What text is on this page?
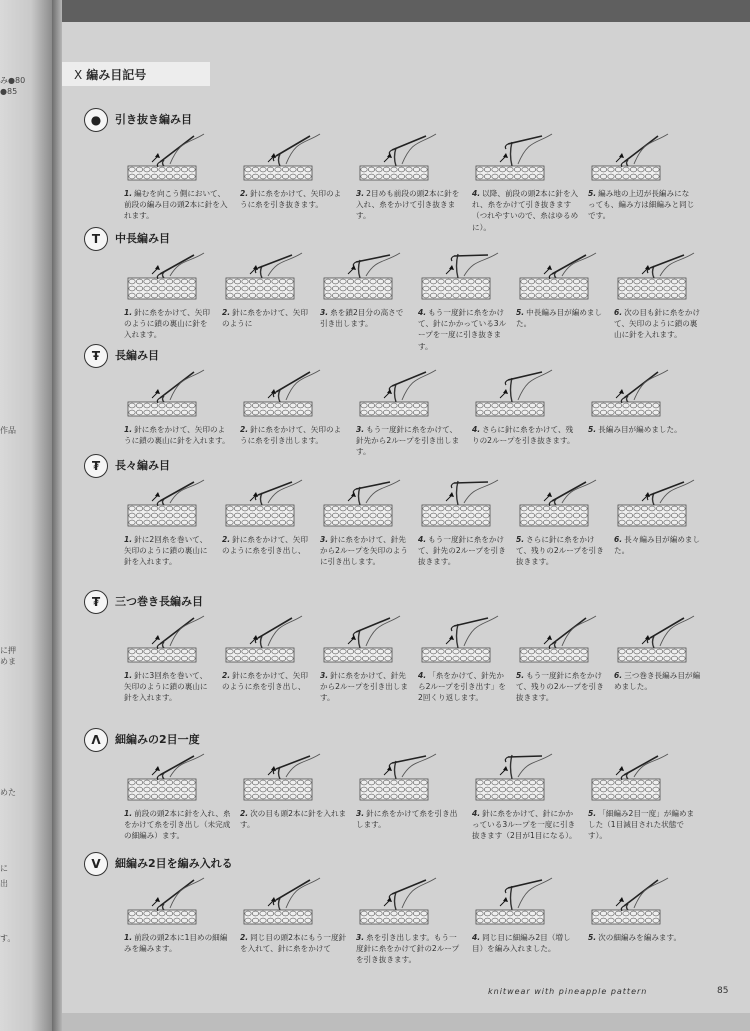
み●80
●85
作品
に押
めま
めた
に
出
す。
X 編み目記号
●	引き抜き編み目
1. 編むを向こう側において、前段の編み目の頭2本に針を入れます。
2. 針に糸をかけて、矢印のように糸を引き抜きます。
3. 2目めも前段の頭2本に針を入れ、糸をかけて引き抜きます。
4. 以降、前段の頭2本に針を入れ、糸をかけて引き抜きます（つれやすいので、糸はゆるめに）。
5. 編み地の上辺が長編みになっても、編み方は細編みと同じです。
T	中長編み目
1. 針に糸をかけて、矢印のように鎖の裏山に針を入れます。
2. 針に糸をかけて、矢印のように
3. 糸を鎖2目分の高さで引き出します。
4. もう一度針に糸をかけて、針にかかっている3ループを一度に引き抜きます。
5. 中長編み目が編めました。
6. 次の目も針に糸をかけて、矢印のように鎖の裏山に針を入れます。
Ŧ	長編み目
1. 針に糸をかけて、矢印のように鎖の裏山に針を入れます。
2. 針に糸をかけて、矢印のように糸を引き出します。
3. もう一度針に糸をかけて、針先から2ループを引き出します。
4. さらに針に糸をかけて、残りの2ループを引き抜きます。
5. 長編み目が編めました。
₮	長々編み目
1. 針に2回糸を巻いて、矢印のように鎖の裏山に針を入れます。
2. 針に糸をかけて、矢印のように糸を引き出し、
3. 針に糸をかけて、針先から2ループを矢印のように引き出します。
4. もう一度針に糸をかけて、針先の2ループを引き抜きます。
5. さらに針に糸をかけて、残りの2ループを引き抜きます。
6. 長々編み目が編めました。
₮	三つ巻き長編み目
1. 針に3回糸を巻いて、矢印のように鎖の裏山に針を入れます。
2. 針に糸をかけて、矢印のように糸を引き出し、
3. 針に糸をかけて、針先から2ループを引き出します。
4. 「糸をかけて、針先から2ループを引き出す」を2回くり返します。
5. もう一度針に糸をかけて、残りの2ループを引き抜きます。
6. 三つ巻き長編み目が編めました。
Λ	細編みの2目一度
1. 前段の頭2本に針を入れ、糸をかけて糸を引き出し（未完成の細編み）ます。
2. 次の目も頭2本に針を入れます。
3. 針に糸をかけて糸を引き出します。
4. 針に糸をかけて、針にかかっている3ループを一度に引き抜きます（2目が1目になる）。
5. 「細編み2目一度」が編めました（1目減目された状態です）。
V	細編み2目を編み入れる
1. 前段の頭2本に1目めの細編みを編みます。
2. 同じ目の頭2本にもう一度針を入れて、針に糸をかけて
3. 糸を引き出します。もう一度針に糸をかけて針の2ループを引き抜きます。
4. 同じ目に細編み2目（増し目）を編み入れました。
5. 次の細編みを編みます。
knitwear with pineapple pattern	85
